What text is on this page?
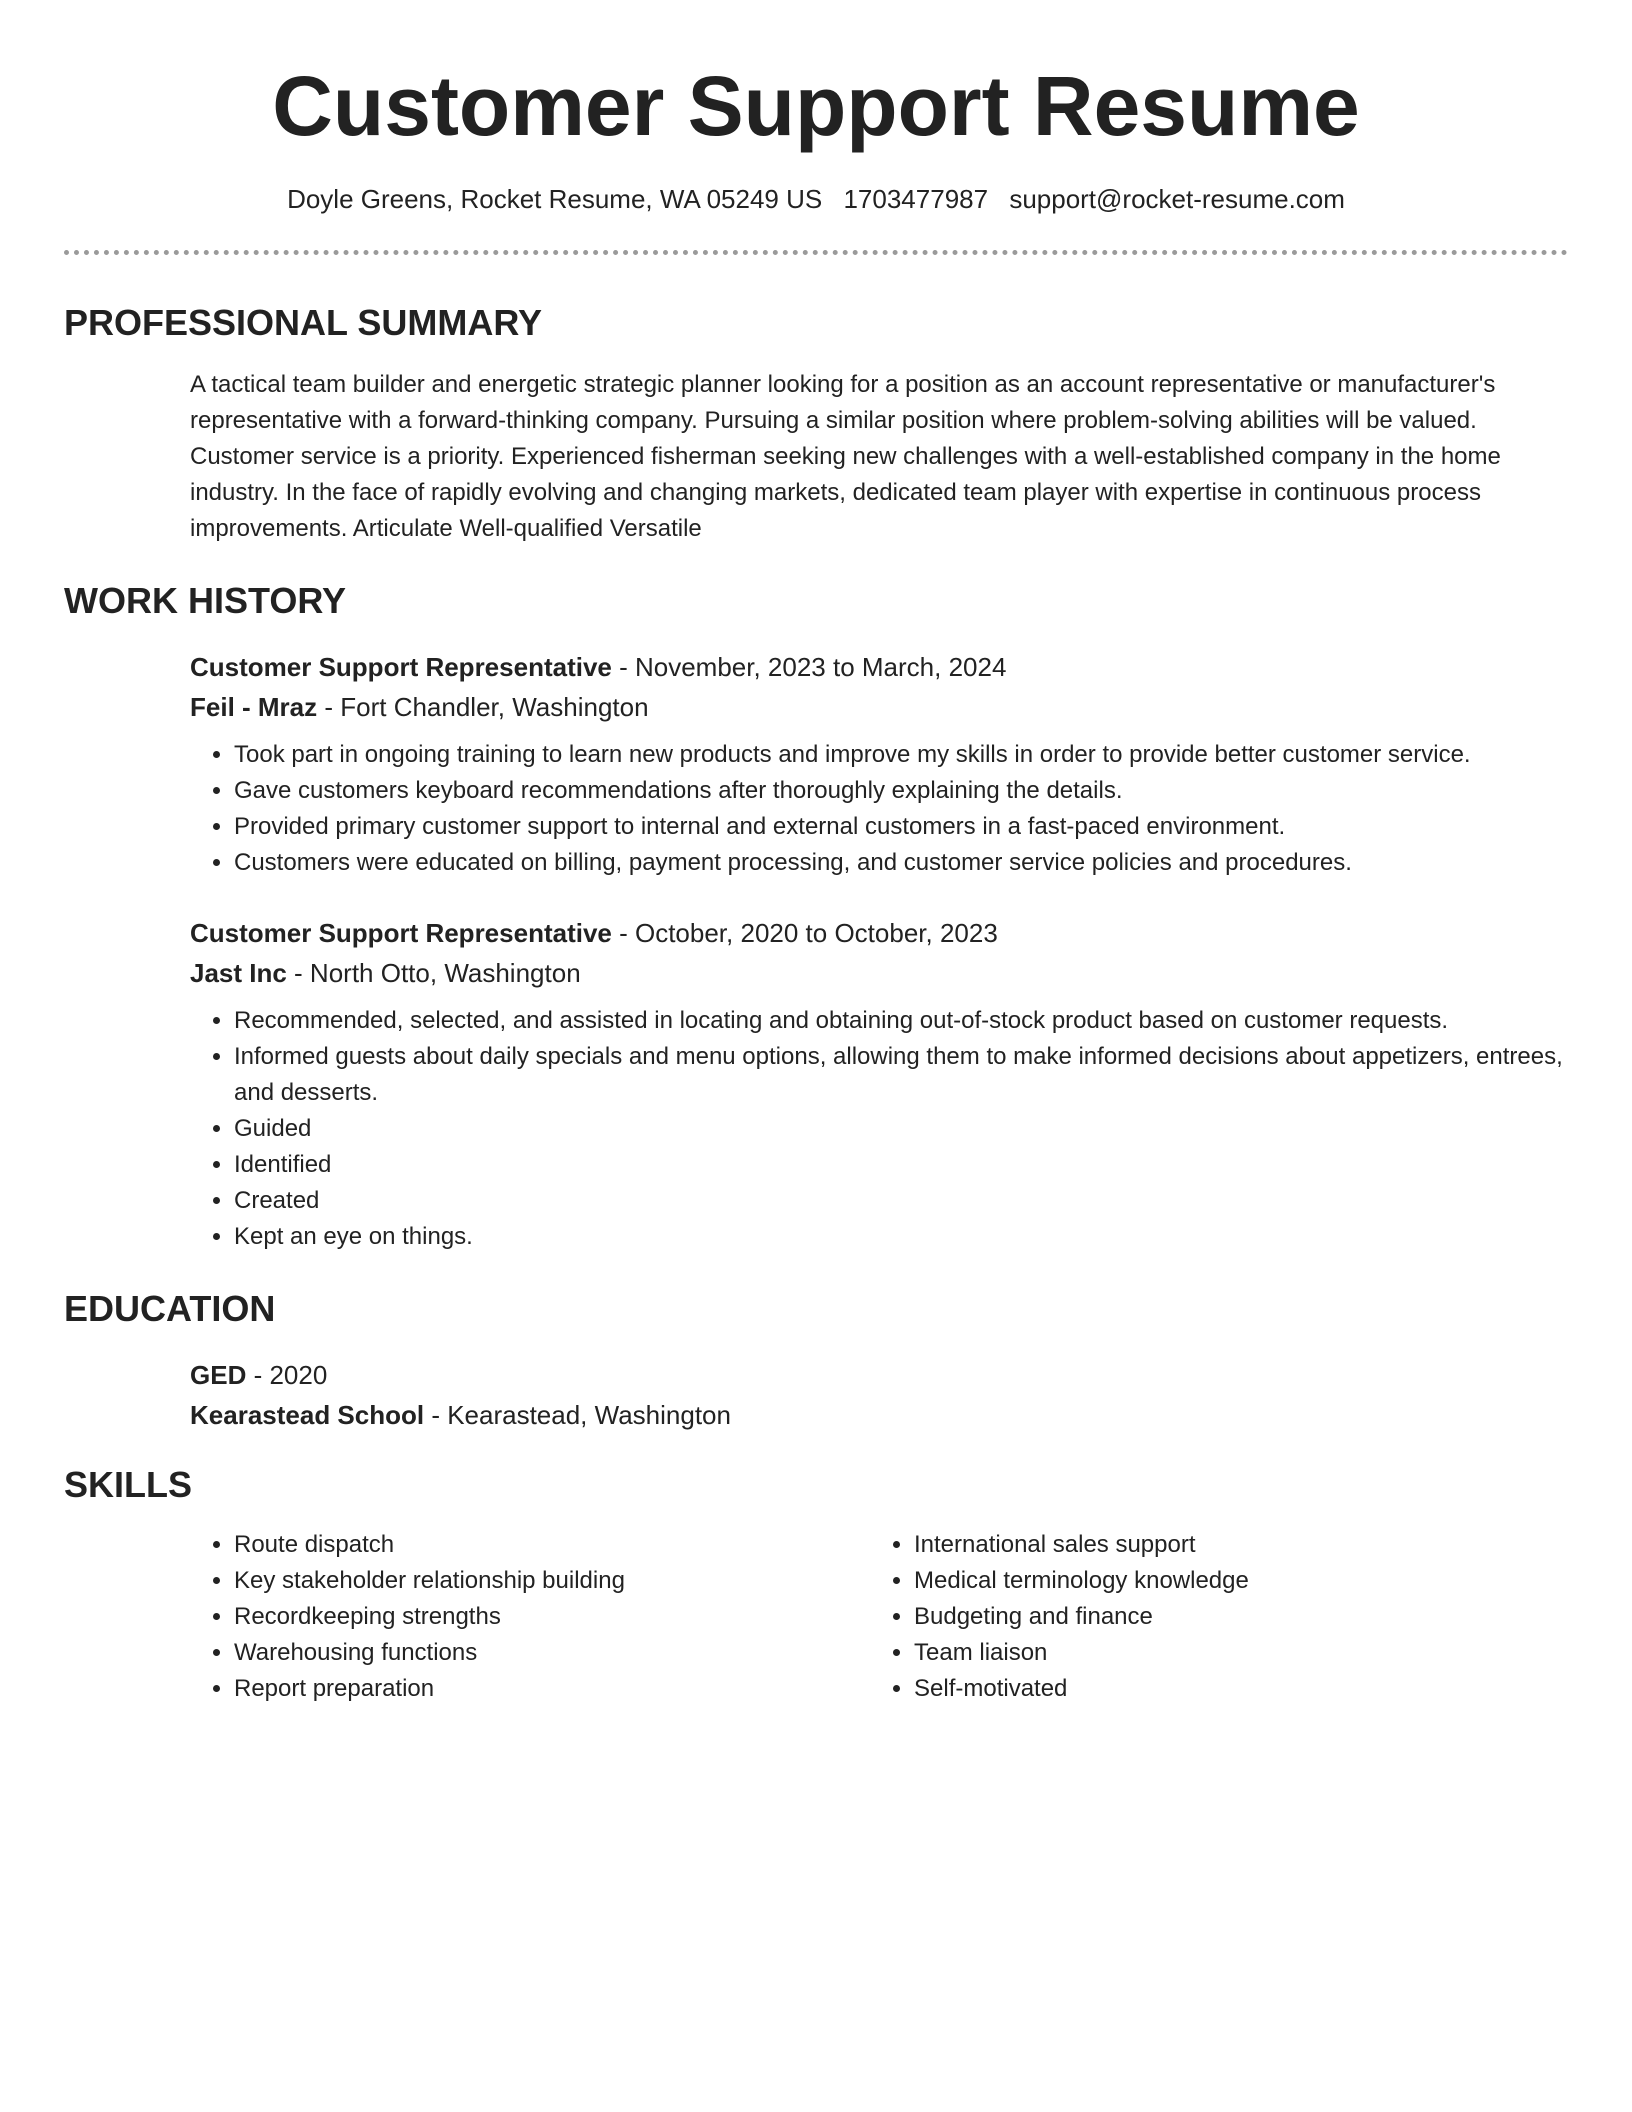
Customer Support Resume
Doyle Greens, Rocket Resume, WA 05249 US 1703477987 support@rocket-resume.com
PROFESSIONAL SUMMARY
A tactical team builder and energetic strategic planner looking for a position as an account representative or manufacturer's representative with a forward-thinking company. Pursuing a similar position where problem-solving abilities will be valued. Customer service is a priority. Experienced fisherman seeking new challenges with a well-established company in the home industry. In the face of rapidly evolving and changing markets, dedicated team player with expertise in continuous process improvements. Articulate Well-qualified Versatile
WORK HISTORY
Customer Support Representative - November, 2023 to March, 2024
Feil - Mraz - Fort Chandler, Washington
• Took part in ongoing training to learn new products and improve my skills in order to provide better customer service.
• Gave customers keyboard recommendations after thoroughly explaining the details.
• Provided primary customer support to internal and external customers in a fast-paced environment.
• Customers were educated on billing, payment processing, and customer service policies and procedures.
Customer Support Representative - October, 2020 to October, 2023
Jast Inc - North Otto, Washington
• Recommended, selected, and assisted in locating and obtaining out-of-stock product based on customer requests.
• Informed guests about daily specials and menu options, allowing them to make informed decisions about appetizers, entrees, and desserts.
• Guided
• Identified
• Created
• Kept an eye on things.
EDUCATION
GED - 2020
Kearastead School - Kearastead, Washington
SKILLS
• Route dispatch
• Key stakeholder relationship building
• Recordkeeping strengths
• Warehousing functions
• Report preparation
• International sales support
• Medical terminology knowledge
• Budgeting and finance
• Team liaison
• Self-motivated
